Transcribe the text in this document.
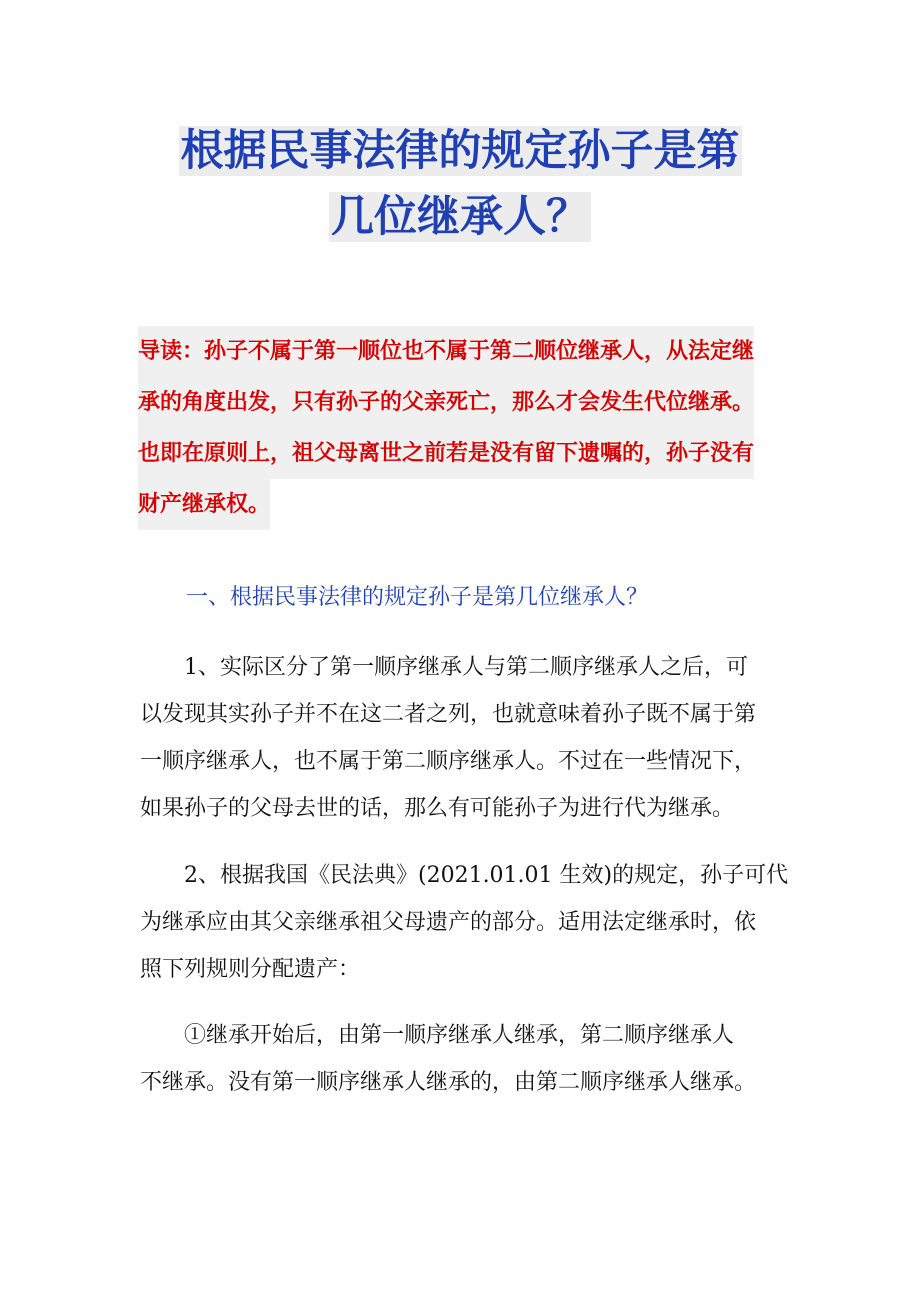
根据民事法律的规定孙子是第
几位继承人？
导读：孙子不属于第一顺位也不属于第二顺位继承人，从法定继
承的角度出发，只有孙子的父亲死亡，那么才会发生代位继承。
也即在原则上，祖父母离世之前若是没有留下遗嘱的，孙子没有
财产继承权。
一、根据民事法律的规定孙子是第几位继承人？
　　1、实际区分了第一顺序继承人与第二顺序继承人之后，可
以发现其实孙子并不在这二者之列，也就意味着孙子既不属于第
一顺序继承人，也不属于第二顺序继承人。不过在一些情况下，
如果孙子的父母去世的话，那么有可能孙子为进行代为继承。
　　2、根据我国《民法典》(2021.01.01 生效)的规定，孙子可代
为继承应由其父亲继承祖父母遗产的部分。适用法定继承时，依
照下列规则分配遗产：
　　①继承开始后，由第一顺序继承人继承，第二顺序继承人
不继承。没有第一顺序继承人继承的，由第二顺序继承人继承。
